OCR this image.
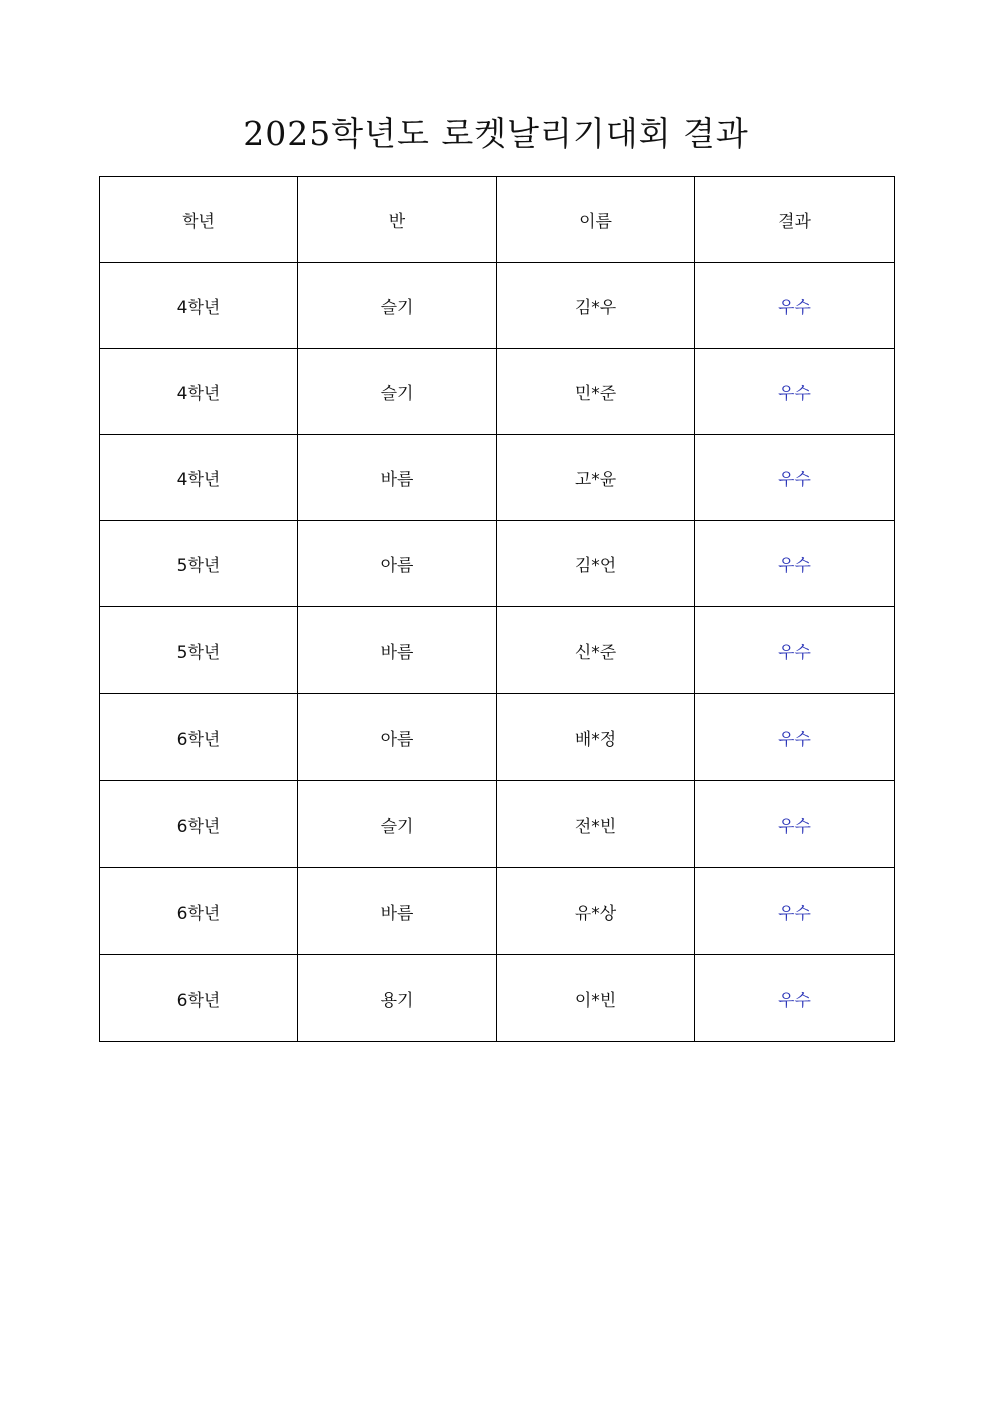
2025학년도 로켓날리기대회 결과
학년	반	이름	결과
4학년	슬기	김*우	우수
4학년	슬기	민*준	우수
4학년	바름	고*윤	우수
5학년	아름	김*언	우수
5학년	바름	신*준	우수
6학년	아름	배*정	우수
6학년	슬기	전*빈	우수
6학년	바름	유*상	우수
6학년	용기	이*빈	우수
